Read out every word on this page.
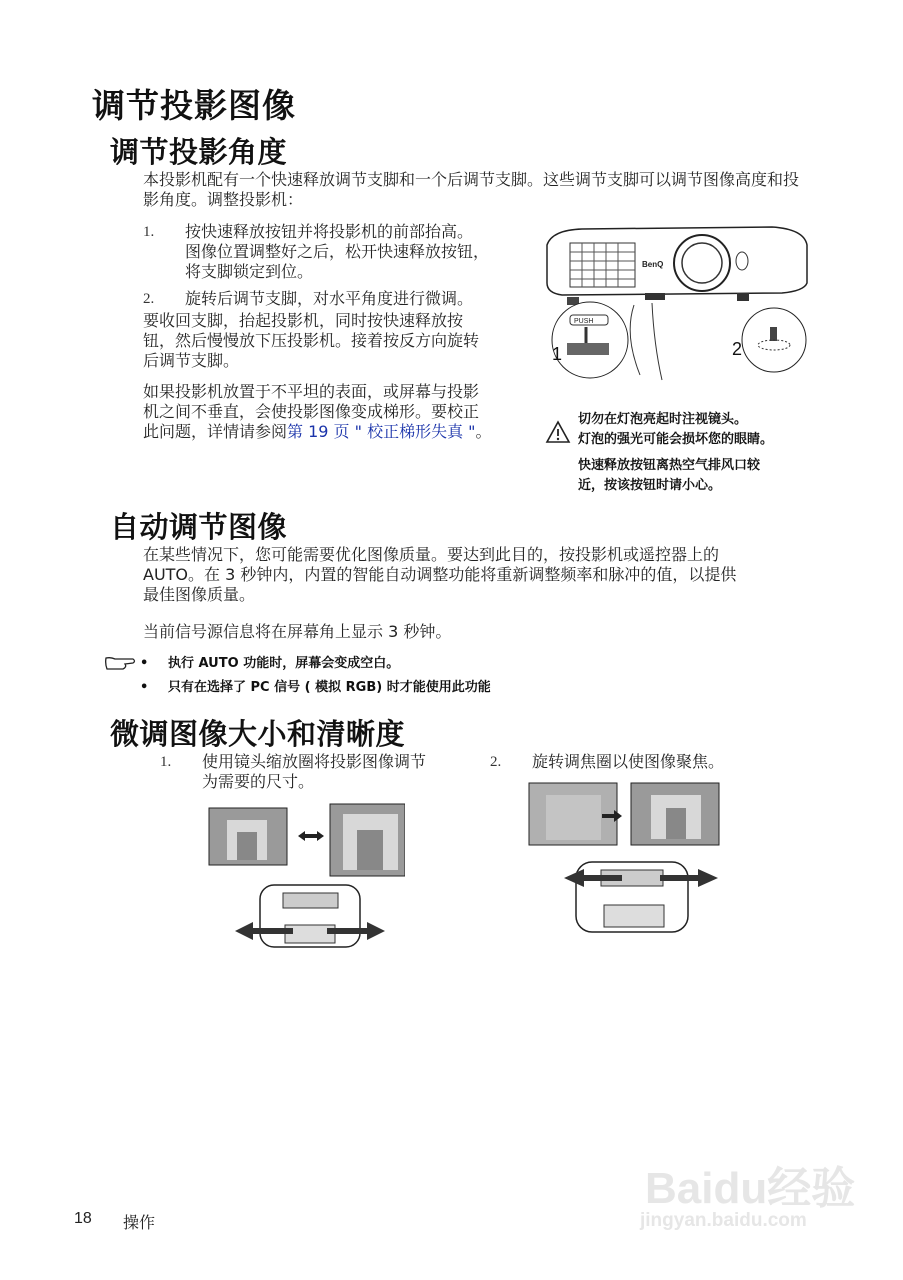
调节投影图像
调节投影角度
本投影机配有一个快速释放调节支脚和一个后调节支脚。这些调节支脚可以调节图像高度和投影角度。调整投影机：
1. 按快速释放按钮并将投影机的前部抬高。
图像位置调整好之后，松开快速释放按钮，
将支脚锁定到位。
2. 旋转后调节支脚，对水平角度进行微调。
要收回支脚，抬起投影机，同时按快速释放按
钮，然后慢慢放下压投影机。接着按反方向旋转
后调节支脚。
如果投影机放置于不平坦的表面，或屏幕与投影
机之间不垂直，会使投影图像变成梯形。要校正
此问题，详情请参阅第 19 页 " 校正梯形失真 "。
BenQ
PUSH
1	2
切勿在灯泡亮起时注视镜头。
灯泡的强光可能会损坏您的眼睛。
快速释放按钮离热空气排风口较
近，按该按钮时请小心。
自动调节图像
在某些情况下，您可能需要优化图像质量。要达到此目的，按投影机或遥控器上的
AUTO。在 3 秒钟内，内置的智能自动调整功能将重新调整频率和脉冲的值，以提供
最佳图像质量。
当前信号源信息将在屏幕角上显示 3 秒钟。
• 执行 AUTO 功能时，屏幕会变成空白。
• 只有在选择了 PC 信号 ( 模拟 RGB) 时才能使用此功能
微调图像大小和清晰度
1. 使用镜头缩放圈将投影图像调节
为需要的尺寸。
2. 旋转调焦圈以使图像聚焦。
Baidu经验
jingyan.baidu.com
18 操作
